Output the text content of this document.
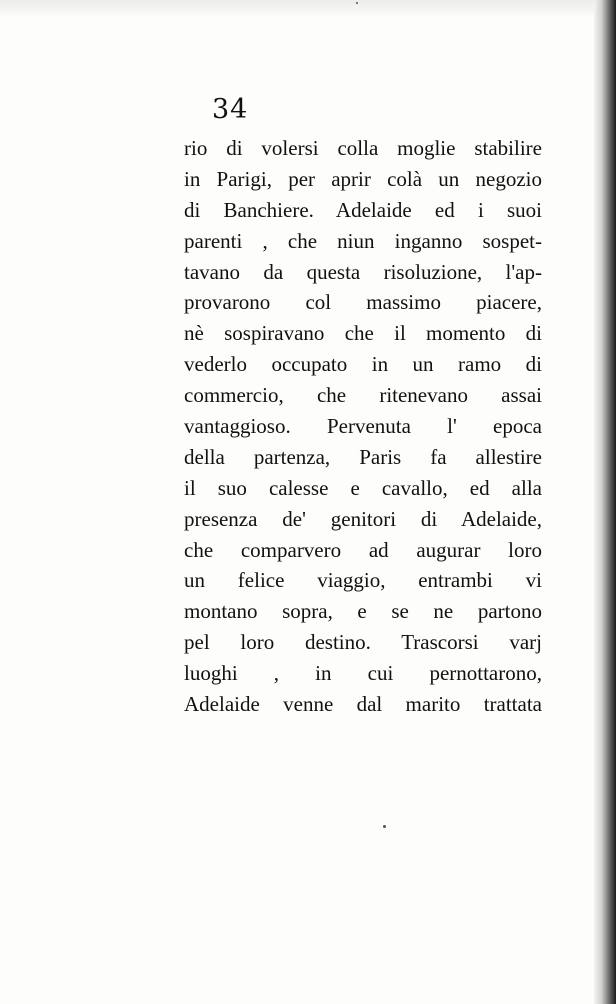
34
rio di volersi colla moglie stabilire
in Parigi, per aprir colà un negozio
di Banchiere. Adelaide ed i suoi
parenti , che niun inganno sospet-
tavano da questa risoluzione, l'ap-
provarono col massimo piacere,
nè sospiravano che il momento di
vederlo occupato in un ramo di
commercio, che ritenevano assai
vantaggioso. Pervenuta l' epoca
della partenza, Paris fa allestire
il suo calesse e cavallo, ed alla
presenza de' genitori di Adelaide,
che comparvero ad augurar loro
un felice viaggio, entrambi vi
montano sopra, e se ne partono
pel loro destino. Trascorsi varj
luoghi , in cui pernottarono,
Adelaide venne dal marito trattata
